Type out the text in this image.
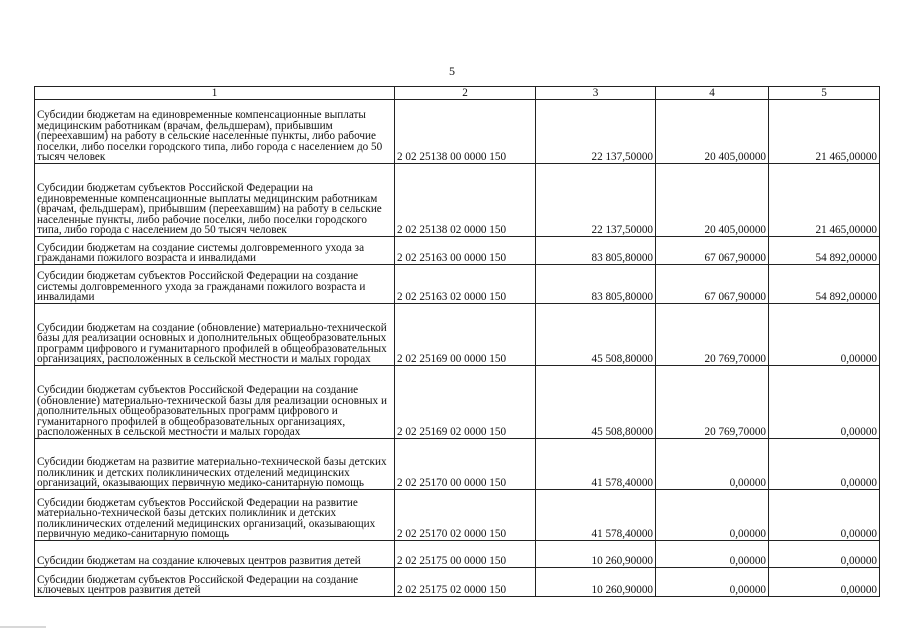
5
1	2	3	4	5
Субсидии бюджетам на единовременные компенсационные выплаты медицинским работникам (врачам, фельдшерам), прибывшим (переехавшим) на работу в сельские населенные пункты, либо рабочие поселки, либо поселки городского типа, либо города с населением до 50 тысяч человек	2 02 25138 00 0000 150	22 137,50000	20 405,00000	21 465,00000
Субсидии бюджетам субъектов Российской Федерации на единовременные компенсационные выплаты медицинским работникам (врачам, фельдшерам), прибывшим (переехавшим) на работу в сельские населенные пункты, либо рабочие поселки, либо поселки городского типа, либо города с населением до 50 тысяч человек	2 02 25138 02 0000 150	22 137,50000	20 405,00000	21 465,00000
Субсидии бюджетам на создание системы долговременного ухода за гражданами пожилого возраста и инвалидами	2 02 25163 00 0000 150	83 805,80000	67 067,90000	54 892,00000
Субсидии бюджетам субъектов Российской Федерации на создание системы долговременного ухода за гражданами пожилого возраста и инвалидами	2 02 25163 02 0000 150	83 805,80000	67 067,90000	54 892,00000
Субсидии бюджетам на создание (обновление) материально-технической базы для реализации основных и дополнительных общеобразовательных программ цифрового и гуманитарного профилей в общеобразовательных организациях, расположенных в сельской местности и малых городах	2 02 25169 00 0000 150	45 508,80000	20 769,70000	0,00000
Субсидии бюджетам субъектов Российской Федерации на создание (обновление) материально-технической базы для реализации основных и дополнительных общеобразовательных программ цифрового и гуманитарного профилей в общеобразовательных организациях, расположенных в сельской местности и малых городах	2 02 25169 02 0000 150	45 508,80000	20 769,70000	0,00000
Субсидии бюджетам на развитие материально-технической базы детских поликлиник и детских поликлинических отделений медицинских организаций, оказывающих первичную медико-санитарную помощь	2 02 25170 00 0000 150	41 578,40000	0,00000	0,00000
Субсидии бюджетам субъектов Российской Федерации на развитие материально-технической базы детских поликлиник и детских поликлинических отделений медицинских организаций, оказывающих первичную медико-санитарную помощь	2 02 25170 02 0000 150	41 578,40000	0,00000	0,00000
Субсидии бюджетам на создание ключевых центров развития детей	2 02 25175 00 0000 150	10 260,90000	0,00000	0,00000
Субсидии бюджетам субъектов Российской Федерации на создание ключевых центров развития детей	2 02 25175 02 0000 150	10 260,90000	0,00000	0,00000
